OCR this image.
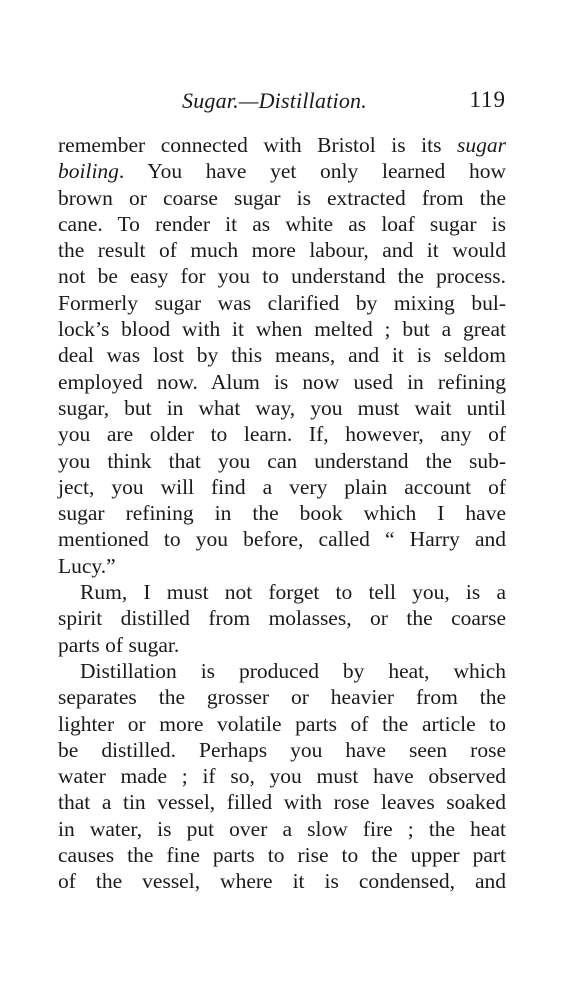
Sugar.—Distillation.	119
remember connected with Bristol is its sugar
boiling. You have yet only learned how
brown or coarse sugar is extracted from the
cane. To render it as white as loaf sugar is
the result of much more labour, and it would
not be easy for you to understand the process.
Formerly sugar was clarified by mixing bul-
lock’s blood with it when melted ; but a great
deal was lost by this means, and it is seldom
employed now. Alum is now used in refining
sugar, but in what way, you must wait until
you are older to learn. If, however, any of
you think that you can understand the sub-
ject, you will find a very plain account of
sugar refining in the book which I have
mentioned to you before, called “ Harry and
Lucy.”
Rum, I must not forget to tell you, is a
spirit distilled from molasses, or the coarse
parts of sugar.
Distillation is produced by heat, which
separates the grosser or heavier from the
lighter or more volatile parts of the article to
be distilled. Perhaps you have seen rose
water made ; if so, you must have observed
that a tin vessel, filled with rose leaves soaked
in water, is put over a slow fire ; the heat
causes the fine parts to rise to the upper part
of the vessel, where it is condensed, and
